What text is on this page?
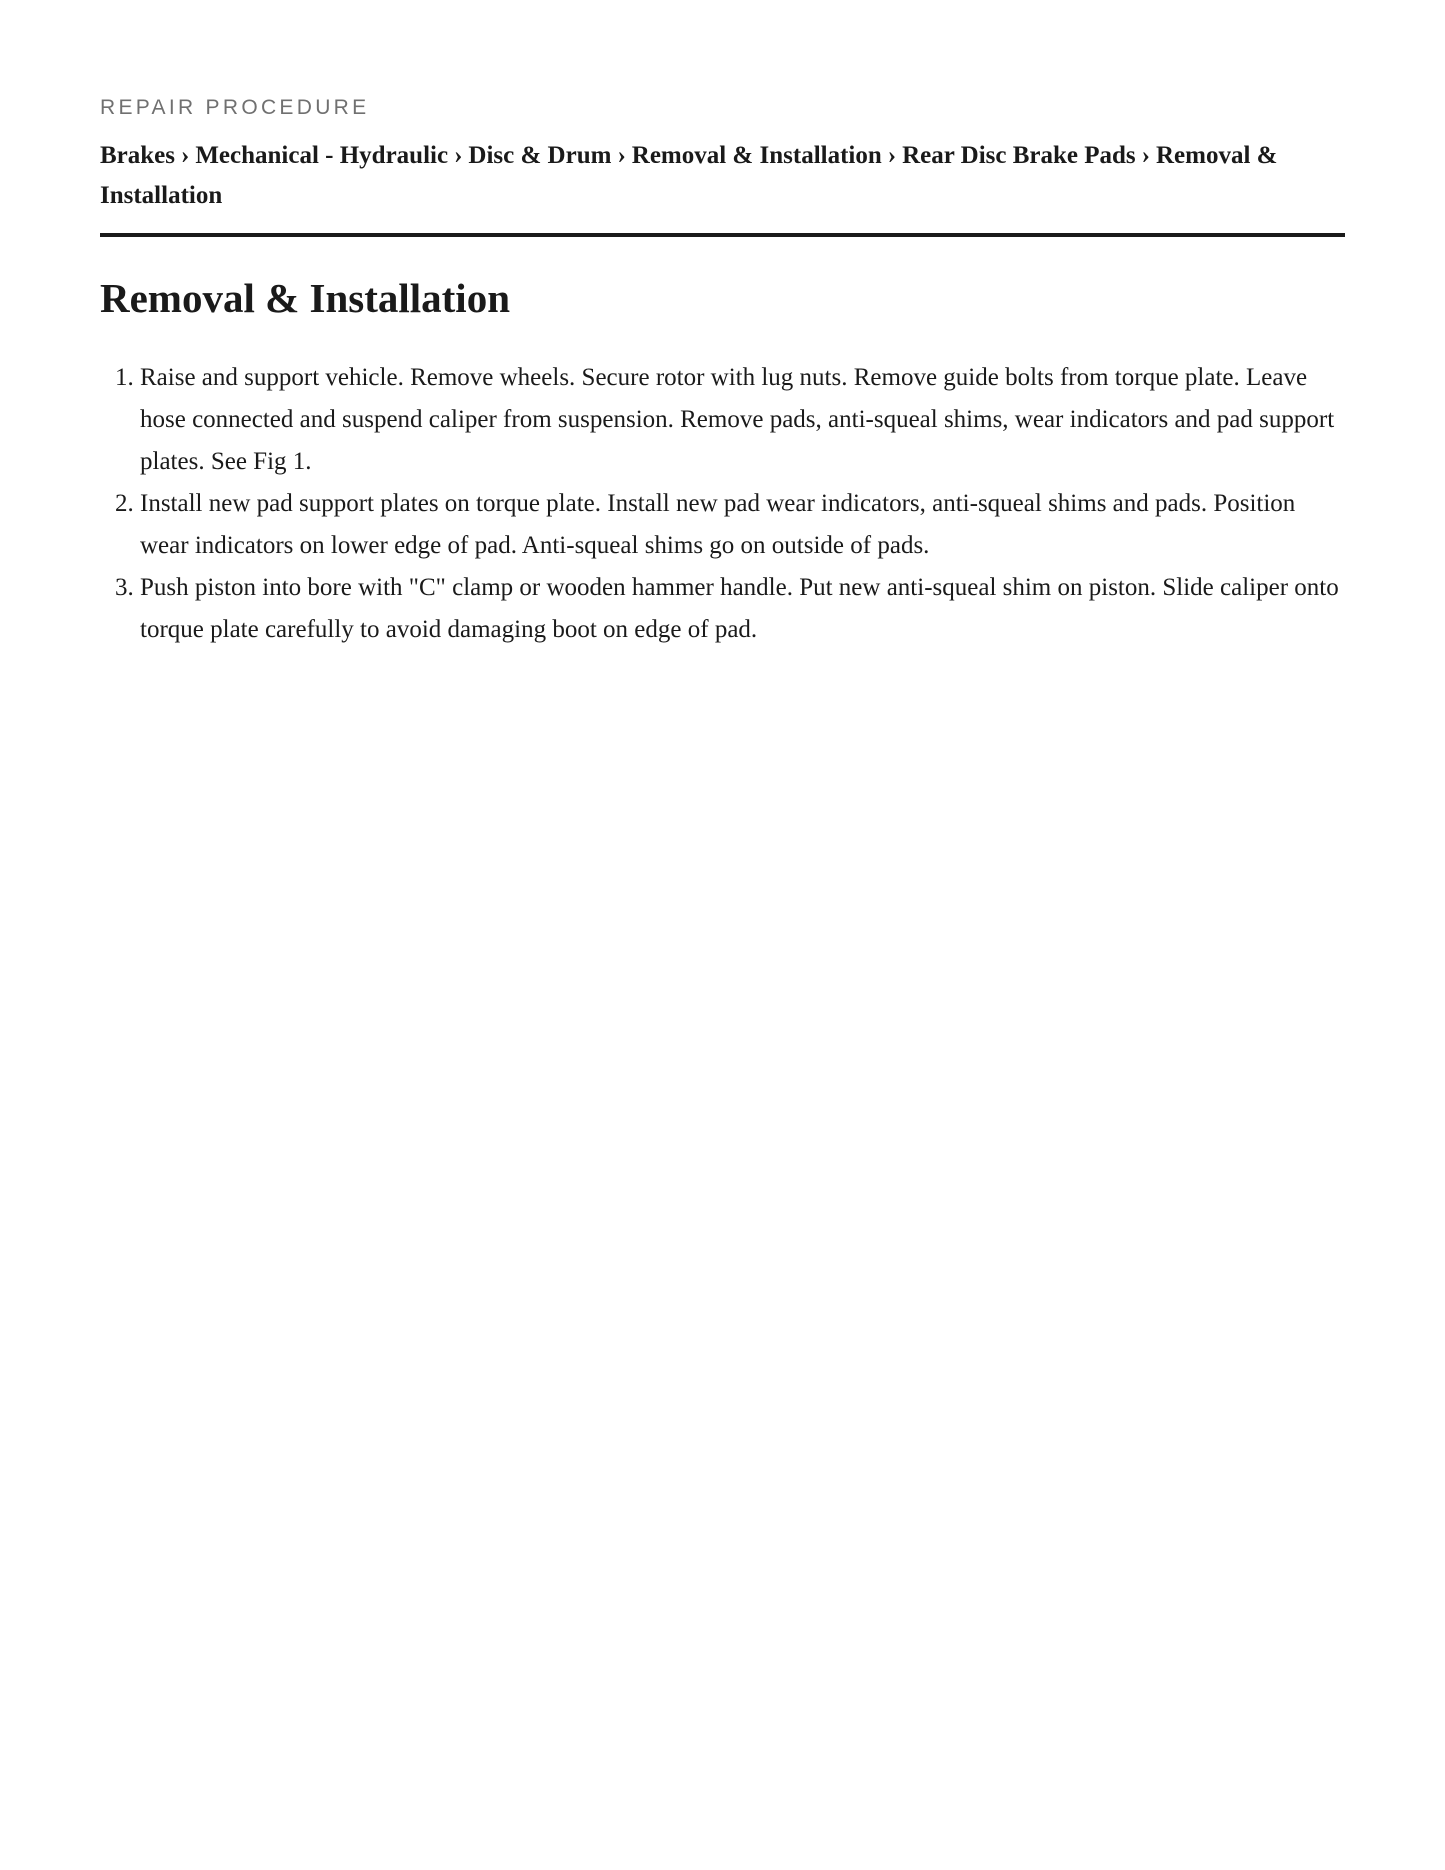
REPAIR PROCEDURE

Brakes › Mechanical - Hydraulic › Disc & Drum › Removal & Installation › Rear Disc Brake Pads › Removal & Installation
Removal & Installation
1. Raise and support vehicle. Remove wheels. Secure rotor with lug nuts. Remove guide bolts from torque plate. Leave hose connected and suspend caliper from suspension. Remove pads, anti-squeal shims, wear indicators and pad support plates. See Fig 1.
2. Install new pad support plates on torque plate. Install new pad wear indicators, anti-squeal shims and pads. Position wear indicators on lower edge of pad. Anti-squeal shims go on outside of pads.
3. Push piston into bore with "C" clamp or wooden hammer handle. Put new anti-squeal shim on piston. Slide caliper onto torque plate carefully to avoid damaging boot on edge of pad.
